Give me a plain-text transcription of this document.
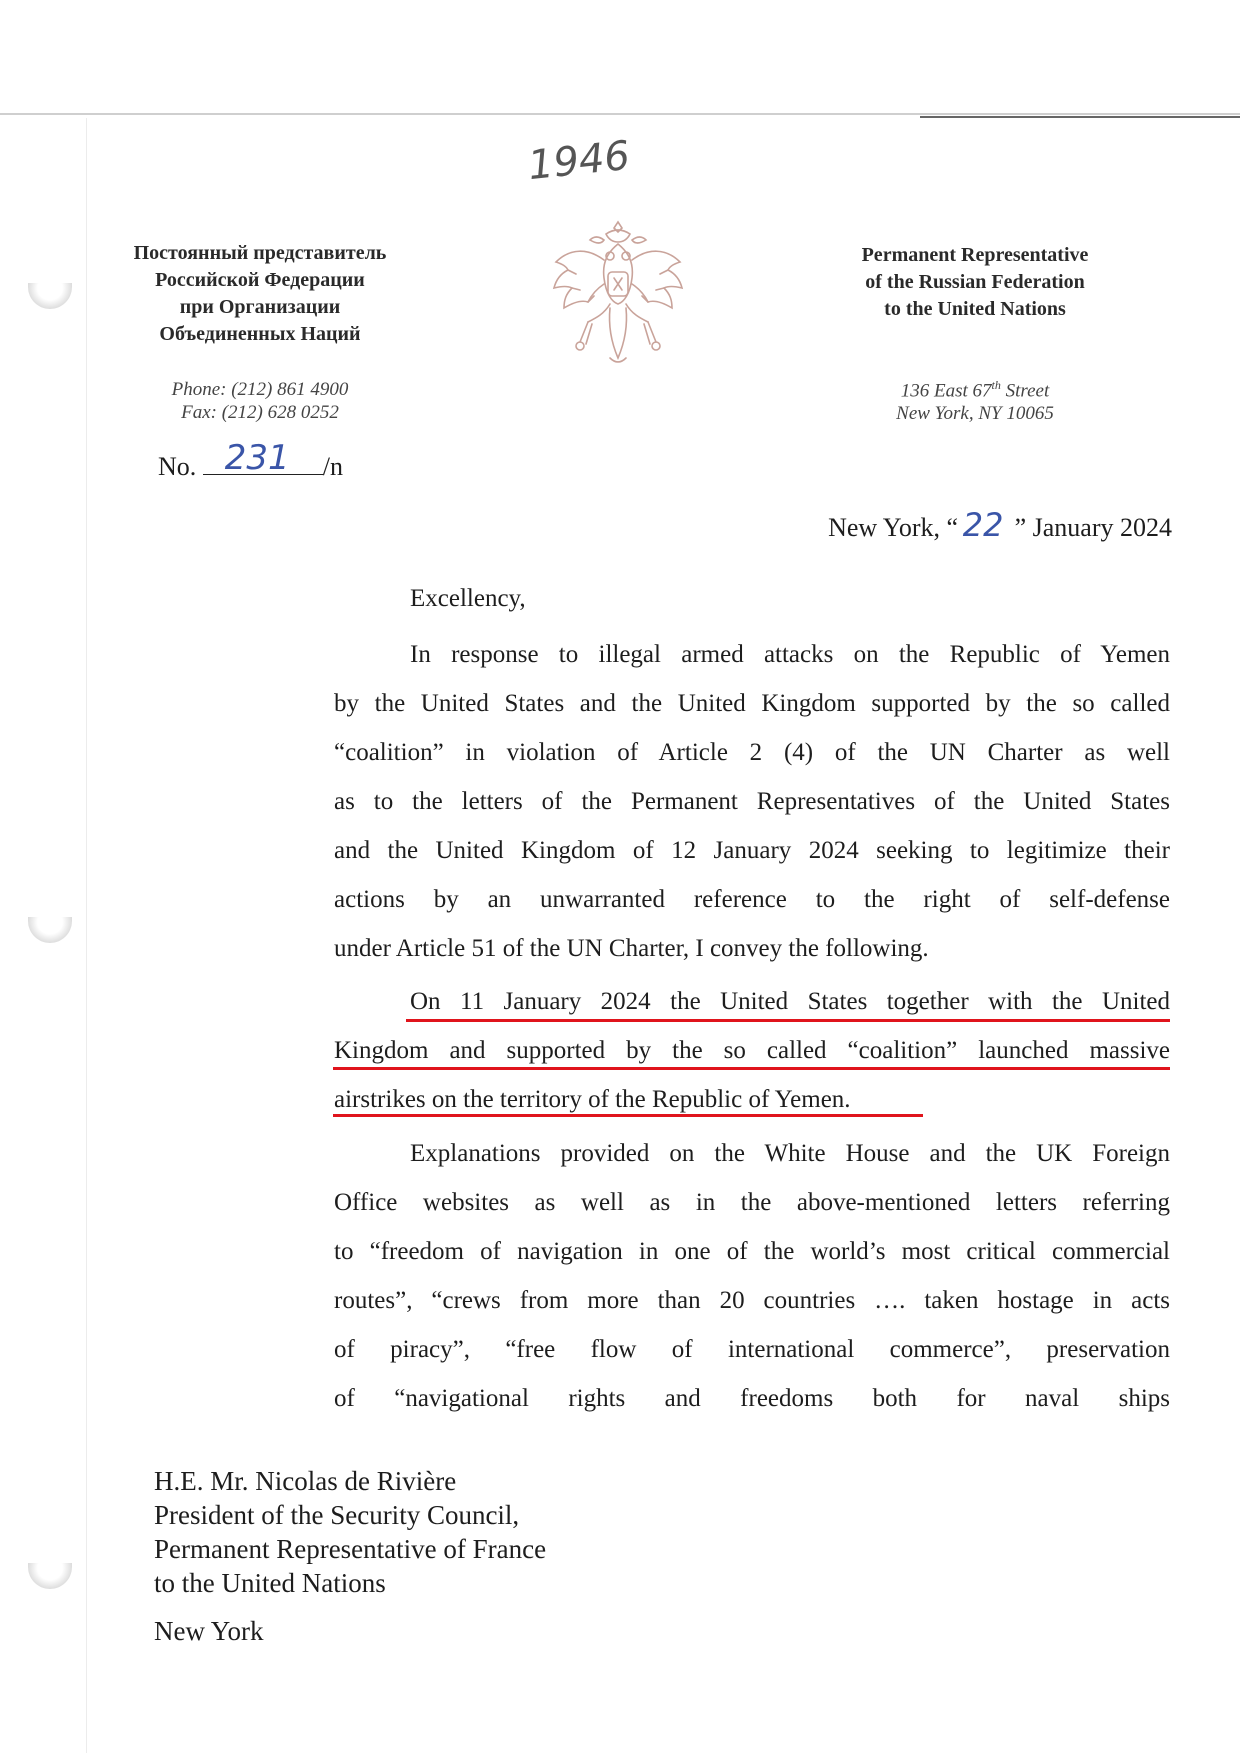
1946
Постоянный представитель
Российской Федерации
при Организации
Объединенных Наций
Phone: (212) 861 4900
Fax: (212) 628 0252
Permanent Representative
of the Russian Federation
to the United Nations
136 East 67th Street
New York, NY 10065
No. 231 /n
New York, “ 22 ” January 2024
Excellency,
In response to illegal armed attacks on the Republic of Yemen
by the United States and the United Kingdom supported by the so called
“coalition” in violation of Article 2 (4) of the UN Charter as well
as to the letters of the Permanent Representatives of the United States
and the United Kingdom of 12 January 2024 seeking to legitimize their
actions by an unwarranted reference to the right of self-defense
under Article 51 of the UN Charter, I convey the following.
On 11 January 2024 the United States together with the United
Kingdom and supported by the so called “coalition” launched massive
airstrikes on the territory of the Republic of Yemen.
Explanations provided on the White House and the UK Foreign
Office websites as well as in the above-mentioned letters referring
to “freedom of navigation in one of the world’s most critical commercial
routes”, “crews from more than 20 countries …. taken hostage in acts
of piracy”, “free flow of international commerce”, preservation
of “navigational rights and freedoms both for naval ships
H.E. Mr. Nicolas de Rivière
President of the Security Council,
Permanent Representative of France
to the United Nations
New York
